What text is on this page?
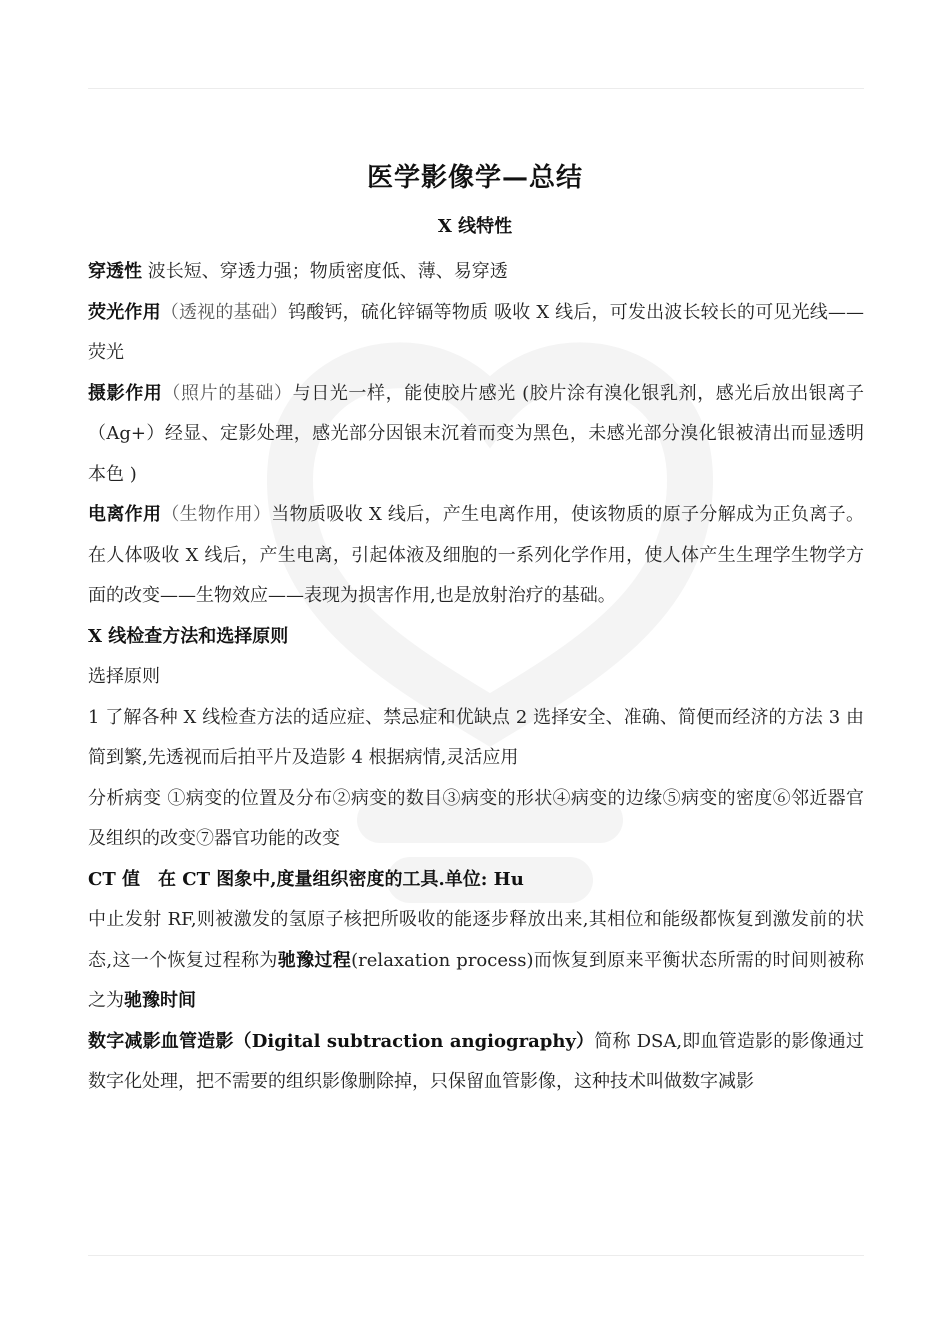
医学影像学—总结
X 线特性

穿透性 波长短、穿透力强；物质密度低、薄、易穿透

荧光作用（透视的基础）钨酸钙，硫化锌镉等物质 吸收 X 线后，可发出波长较长的可见光线——荧光

摄影作用（照片的基础）与日光一样，能使胶片感光 (胶片涂有溴化银乳剂，感光后放出银离子（Ag+）经显、定影处理，感光部分因银末沉着而变为黑色，未感光部分溴化银被清出而显透明本色 )

电离作用（生物作用）当物质吸收 X 线后，产生电离作用，使该物质的原子分解成为正负离子。在人体吸收 X 线后，产生电离，引起体液及细胞的一系列化学作用，使人体产生生理学生物学方面的改变——生物效应——表现为损害作用,也是放射治疗的基础。

X 线检查方法和选择原则

选择原则

1 了解各种 X 线检查方法的适应症、禁忌症和优缺点 2 选择安全、准确、简便而经济的方法 3 由简到繁,先透视而后拍平片及造影 4 根据病情,灵活应用

分析病变 ①病变的位置及分布②病变的数目③病变的形状④病变的边缘⑤病变的密度⑥邻近器官及组织的改变⑦器官功能的改变

CT 值　在 CT 图象中,度量组织密度的工具.单位: Hu

中止发射 RF,则被激发的氢原子核把所吸收的能逐步释放出来,其相位和能级都恢复到激发前的状态,这一个恢复过程称为驰豫过程(relaxation process)而恢复到原来平衡状态所需的时间则被称之为驰豫时间

数字减影血管造影（Digital subtraction angiography）简称 DSA,即血管造影的影像通过数字化处理，把不需要的组织影像删除掉，只保留血管影像，这种技术叫做数字减影
